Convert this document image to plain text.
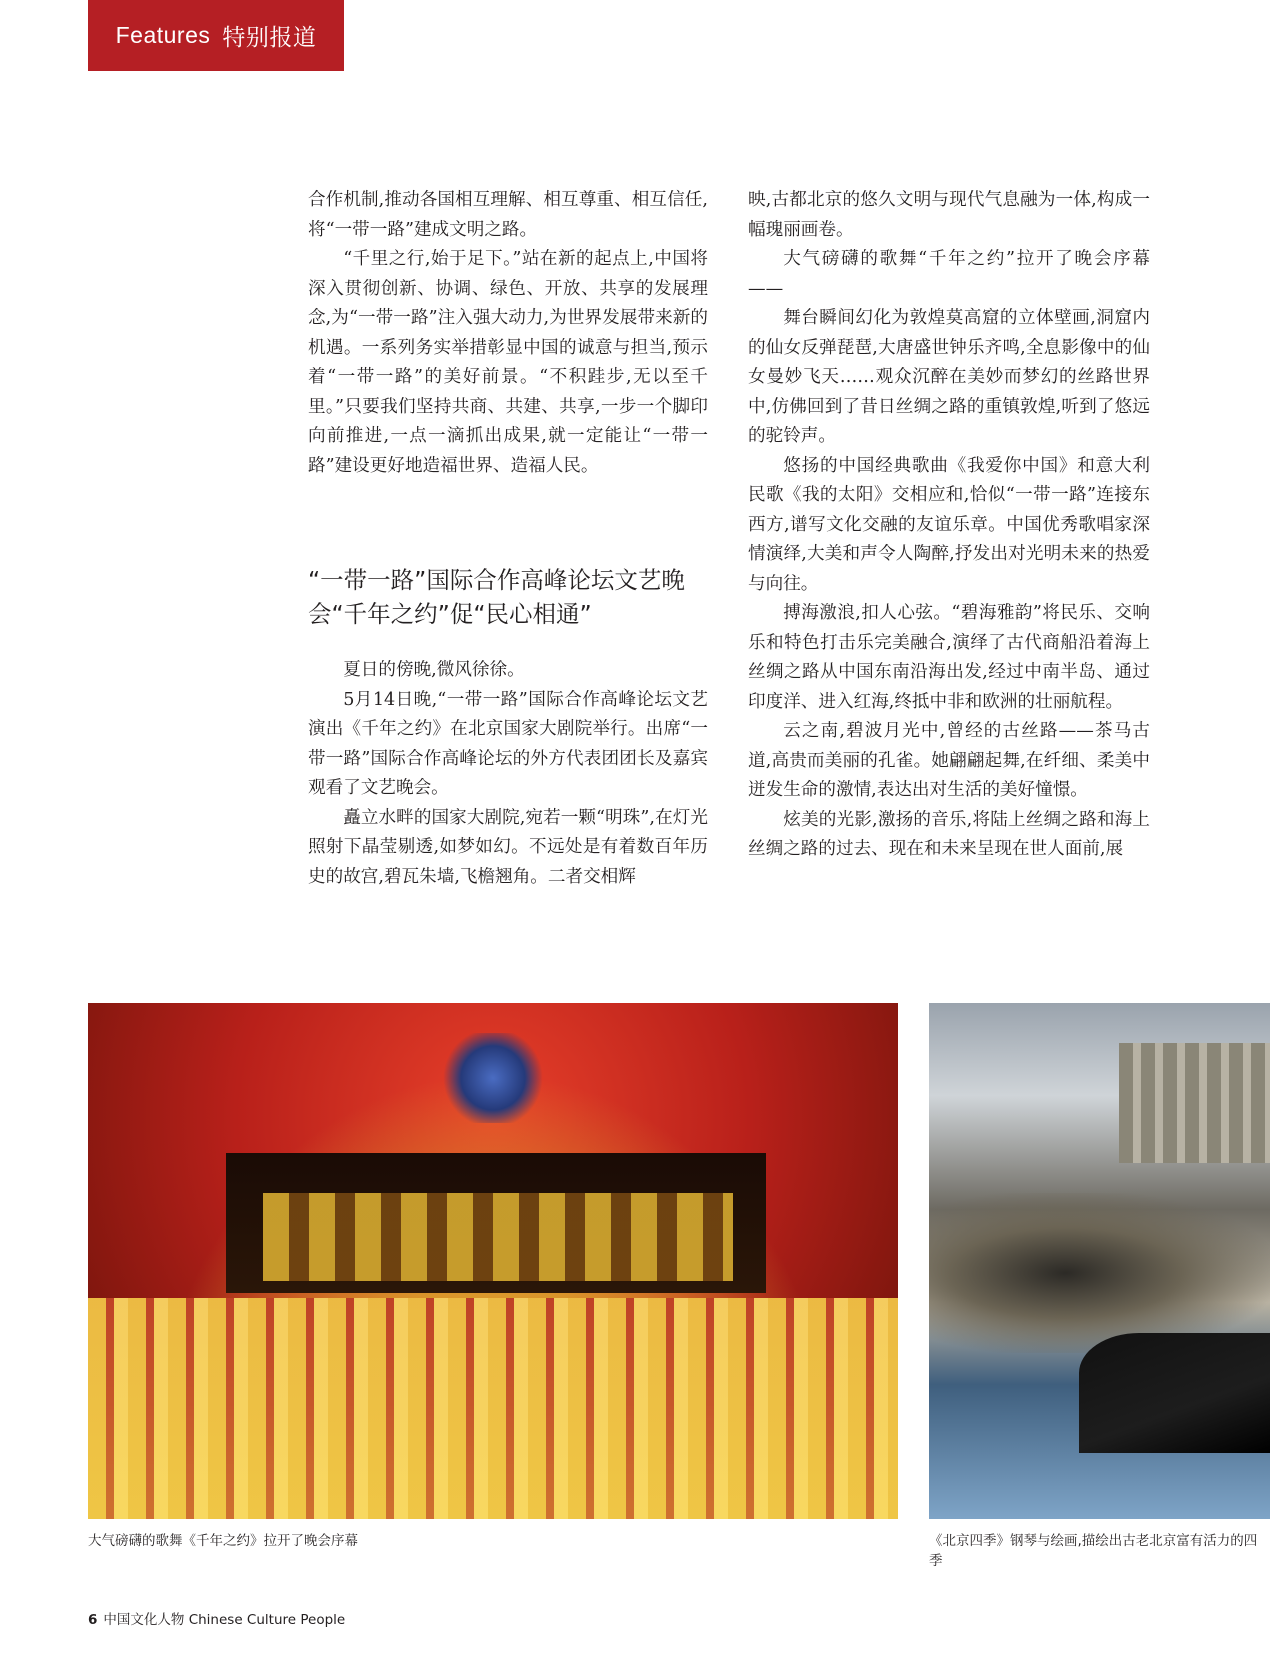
Features 特别报道

合作机制,推动各国相互理解、相互尊重、相互信任,将“一带一路”建成文明之路。

“千里之行,始于足下。”站在新的起点上,中国将深入贯彻创新、协调、绿色、开放、共享的发展理念,为“一带一路”注入强大动力,为世界发展带来新的机遇。一系列务实举措彰显中国的诚意与担当,预示着“一带一路”的美好前景。“不积跬步,无以至千里。”只要我们坚持共商、共建、共享,一步一个脚印向前推进,一点一滴抓出成果,就一定能让“一带一路”建设更好地造福世界、造福人民。

“一带一路”国际合作高峰论坛文艺晚会“千年之约”促“民心相通”

夏日的傍晚,微风徐徐。

5月14日晚,“一带一路”国际合作高峰论坛文艺演出《千年之约》在北京国家大剧院举行。出席“一带一路”国际合作高峰论坛的外方代表团团长及嘉宾观看了文艺晚会。

矗立水畔的国家大剧院,宛若一颗“明珠”,在灯光照射下晶莹剔透,如梦如幻。不远处是有着数百年历史的故宫,碧瓦朱墙,飞檐翘角。二者交相辉

映,古都北京的悠久文明与现代气息融为一体,构成一幅瑰丽画卷。

大气磅礴的歌舞“千年之约”拉开了晚会序幕——

舞台瞬间幻化为敦煌莫高窟的立体壁画,洞窟内的仙女反弹琵琶,大唐盛世钟乐齐鸣,全息影像中的仙女曼妙飞天……观众沉醉在美妙而梦幻的丝路世界中,仿佛回到了昔日丝绸之路的重镇敦煌,听到了悠远的驼铃声。

悠扬的中国经典歌曲《我爱你中国》和意大利民歌《我的太阳》交相应和,恰似“一带一路”连接东西方,谱写文化交融的友谊乐章。中国优秀歌唱家深情演绎,大美和声令人陶醉,抒发出对光明未来的热爱与向往。

搏海激浪,扣人心弦。“碧海雅韵”将民乐、交响乐和特色打击乐完美融合,演绎了古代商船沿着海上丝绸之路从中国东南沿海出发,经过中南半岛、通过印度洋、进入红海,终抵中非和欧洲的壮丽航程。

云之南,碧波月光中,曾经的古丝路——茶马古道,高贵而美丽的孔雀。她翩翩起舞,在纤细、柔美中迸发生命的激情,表达出对生活的美好憧憬。

炫美的光影,激扬的音乐,将陆上丝绸之路和海上丝绸之路的过去、现在和未来呈现在世人面前,展

大气磅礴的歌舞《千年之约》拉开了晚会序幕	《北京四季》钢琴与绘画,描绘出古老北京富有活力的四季
6 中国文化人物 Chinese Culture People
